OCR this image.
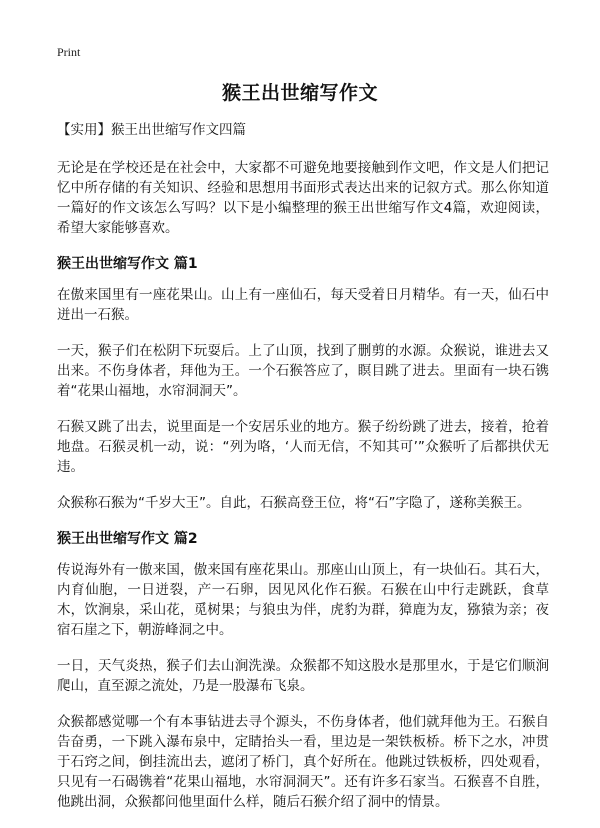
Print
猴王出世缩写作文

【实用】猴王出世缩写作文四篇

无论是在学校还是在社会中，大家都不可避免地要接触到作文吧，作文是人们把记忆中所存储的有关知识、经验和思想用书面形式表达出来的记叙方式。那么你知道一篇好的作文该怎么写吗？以下是小编整理的猴王出世缩写作文4篇，欢迎阅读，希望大家能够喜欢。

猴王出世缩写作文 篇1

在傲来国里有一座花果山。山上有一座仙石，每天受着日月精华。有一天，仙石中迸出一石猴。

一天，猴子们在松阴下玩耍后。上了山顶，找到了删剪的水源。众猴说，谁进去又出来。不伤身体者，拜他为王。一个石猴答应了，瞑目跳了进去。里面有一块石镌着“花果山福地，水帘洞洞天”。

石猴又跳了出去，说里面是一个安居乐业的地方。猴子纷纷跳了进去，接着，抢着地盘。石猴灵机一动，说：“列为咯，‘人而无信，不知其可’”众猴听了后都拱伏无违。

众猴称石猴为“千岁大王”。自此，石猴高登王位，将“石”字隐了，遂称美猴王。

猴王出世缩写作文 篇2

传说海外有一傲来国，傲来国有座花果山。那座山山顶上，有一块仙石。其石大，内育仙胞，一日迸裂，产一石卵，因见风化作石猴。石猴在山中行走跳跃，食草木，饮涧泉，采山花，觅树果；与狼虫为伴，虎豹为群，獐鹿为友，猕猿为亲；夜宿石崖之下，朝游峰洞之中。

一日，天气炎热，猴子们去山涧洗澡。众猴都不知这股水是那里水，于是它们顺涧爬山，直至源之流处，乃是一股瀑布飞泉。

众猴都感觉哪一个有本事钻进去寻个源头，不伤身体者，他们就拜他为王。石猴自告奋勇，一下跳入瀑布泉中，定睛抬头一看，里边是一架铁板桥。桥下之水，冲贯于石窍之间，倒挂流出去，遮闭了桥门，真个好所在。他跳过铁板桥，四处观看，只见有一石碣镌着“花果山福地，水帘洞洞天”。还有许多石家当。石猴喜不自胜，他跳出洞，众猴都问他里面什么样，随后石猴介绍了洞中的情景。
